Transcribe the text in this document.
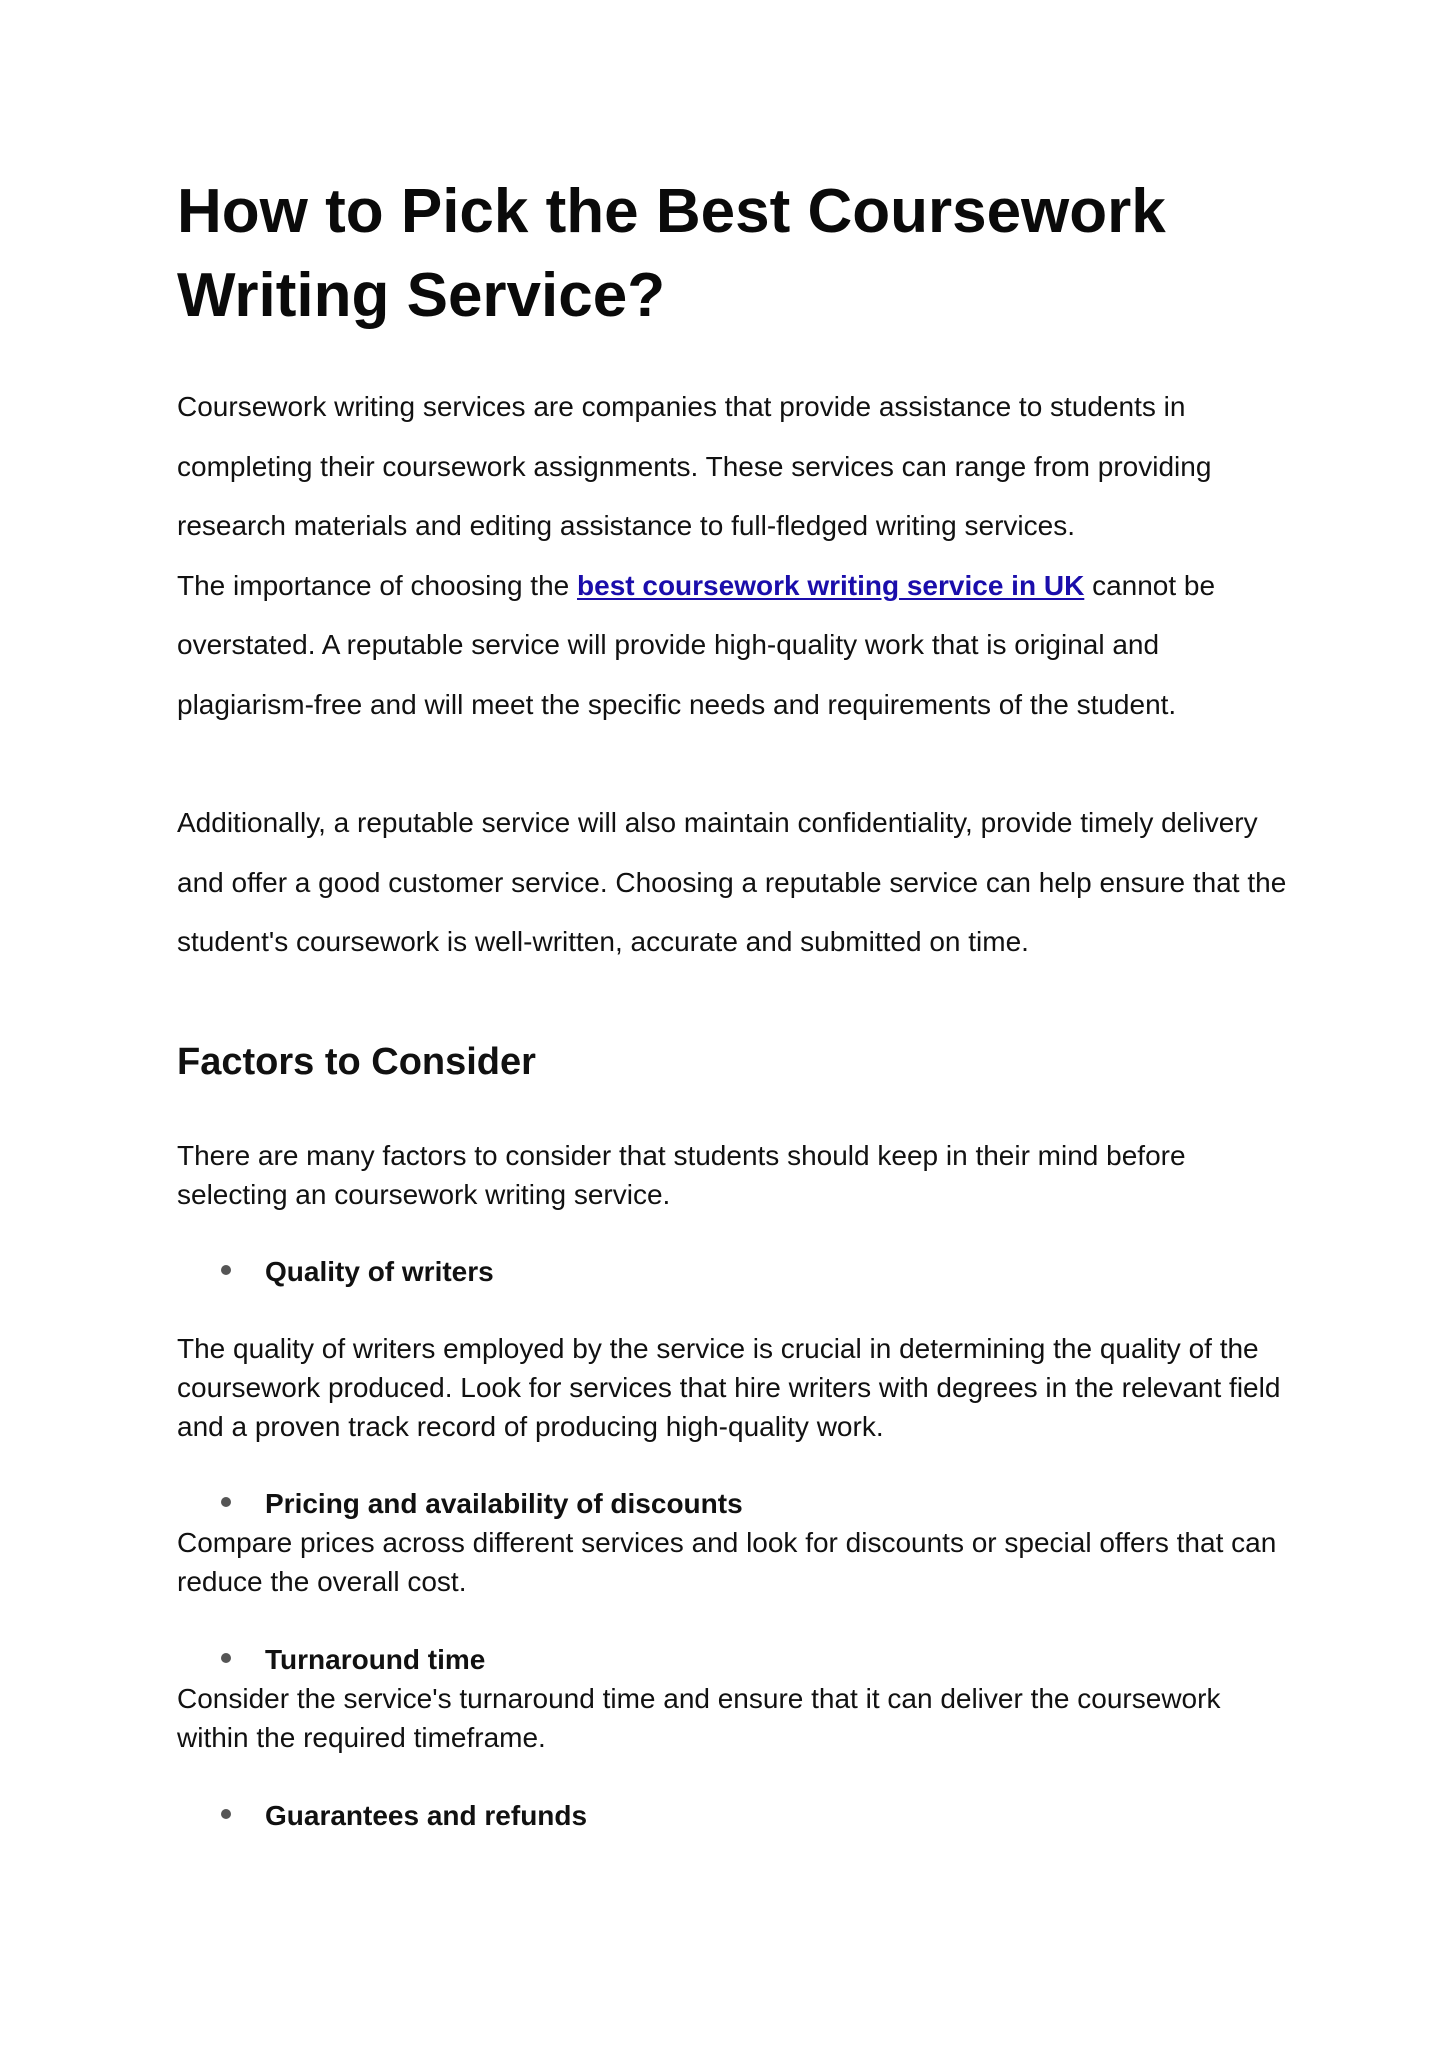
How to Pick the Best Coursework Writing Service?

Coursework writing services are companies that provide assistance to students in completing their coursework assignments. These services can range from providing research materials and editing assistance to full-fledged writing services.

The importance of choosing the best coursework writing service in UK cannot be overstated. A reputable service will provide high-quality work that is original and plagiarism-free and will meet the specific needs and requirements of the student.

Additionally, a reputable service will also maintain confidentiality, provide timely delivery and offer a good customer service. Choosing a reputable service can help ensure that the student's coursework is well-written, accurate and submitted on time.

Factors to Consider

There are many factors to consider that students should keep in their mind before selecting an coursework writing service.

Quality of writers

The quality of writers employed by the service is crucial in determining the quality of the coursework produced. Look for services that hire writers with degrees in the relevant field and a proven track record of producing high-quality work.

Pricing and availability of discounts

Compare prices across different services and look for discounts or special offers that can reduce the overall cost.

Turnaround time

Consider the service's turnaround time and ensure that it can deliver the coursework within the required timeframe.

Guarantees and refunds
